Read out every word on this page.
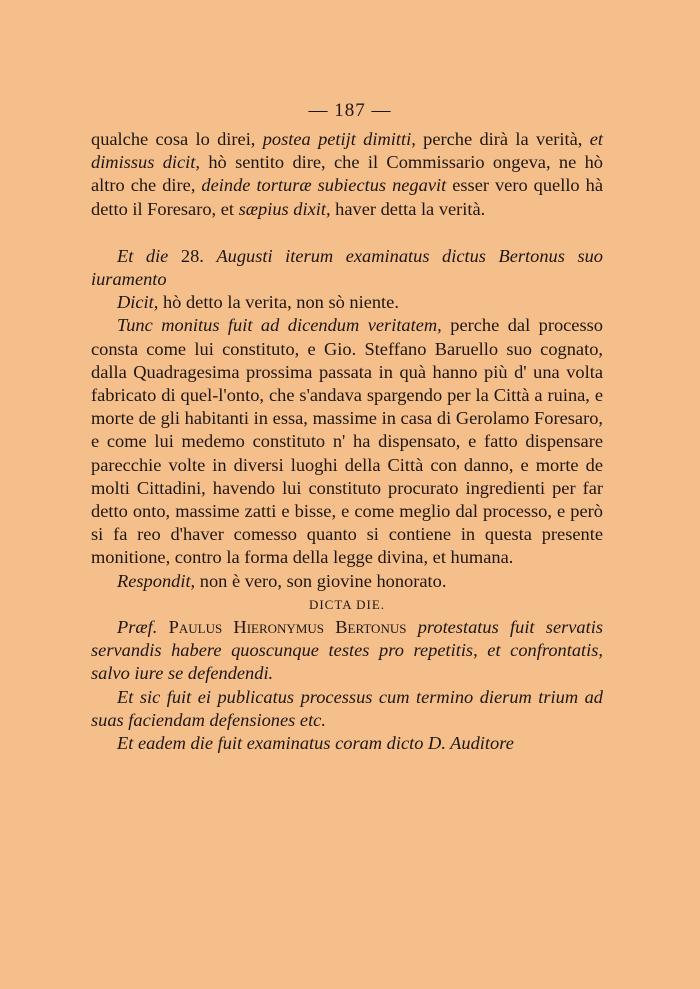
— 187 —

qualche cosa lo direi, postea petijt dimitti, perche dirà la verità, et dimissus dicit, hò sentito dire, che il Commissario ongeva, ne hò altro che dire, deinde torturæ subiectus negavit esser vero quello hà detto il Foresaro, et sæpius dixit, haver detta la verità.

Et die 28. Augusti iterum examinatus dictus Bertonus suo iuramento

Dicit, hò detto la verita, non sò niente.

Tunc monitus fuit ad dicendum veritatem, perche dal processo consta come lui constituto, e Gio. Steffano Baruello suo cognato, dalla Quadragesima prossima passata in quà hanno più d' una volta fabricato di quel-l'onto, che s'andava spargendo per la Città a ruina, e morte de gli habitanti in essa, massime in casa di Gerolamo Foresaro, e come lui medemo constituto n' ha dispensato, e fatto dispensare parecchie volte in diversi luoghi della Città con danno, e morte de molti Cittadini, havendo lui constituto procurato ingredienti per far detto onto, massime zatti e bisse, e come meglio dal processo, e però si fa reo d'haver comesso quanto si contiene in questa presente monitione, contro la forma della legge divina, et humana.

Respondit, non è vero, son giovine honorato.

DICTA DIE.

Præf. Paulus Hieronymus Bertonus protestatus fuit servatis servandis habere quoscunque testes pro repetitis, et confrontatis, salvo iure se defendendi.

Et sic fuit ei publicatus processus cum termino dierum trium ad suas faciendam defensiones etc.

Et eadem die fuit examinatus coram dicto D. Auditore
